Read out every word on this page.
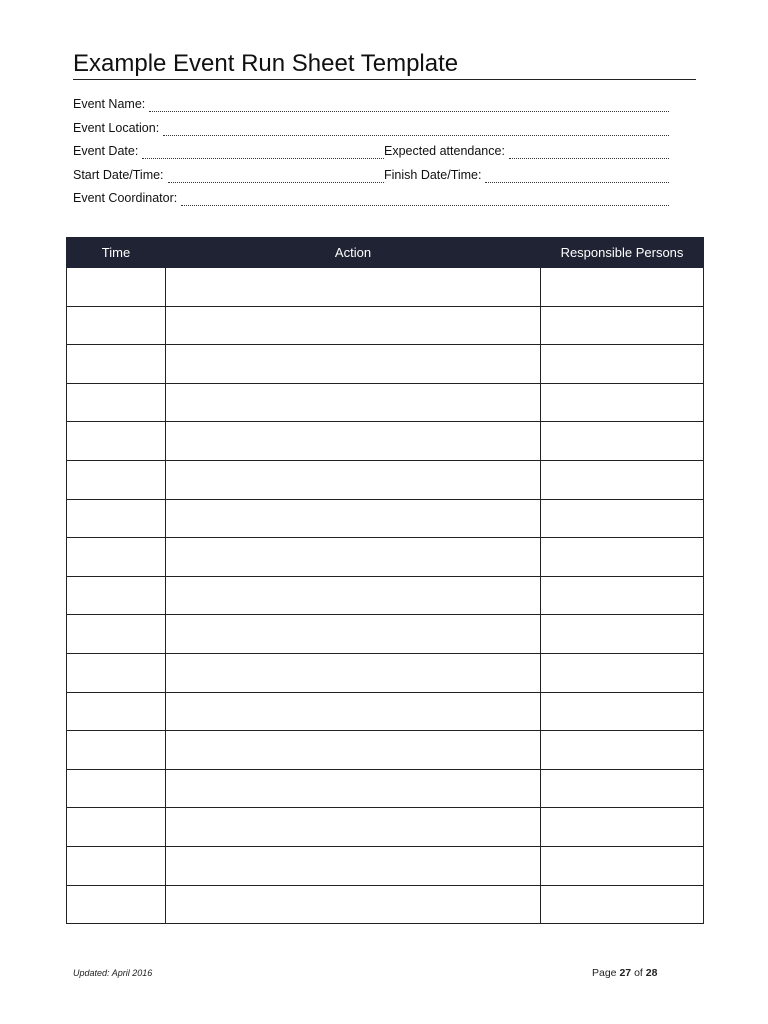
Example Event Run Sheet Template
Event Name:
Event Location:
Event Date:	Expected attendance:
Start Date/Time:	Finish Date/Time:
Event Coordinator:
Time	Action	Responsible Persons

Updated: April 2016	Page 27 of 28
